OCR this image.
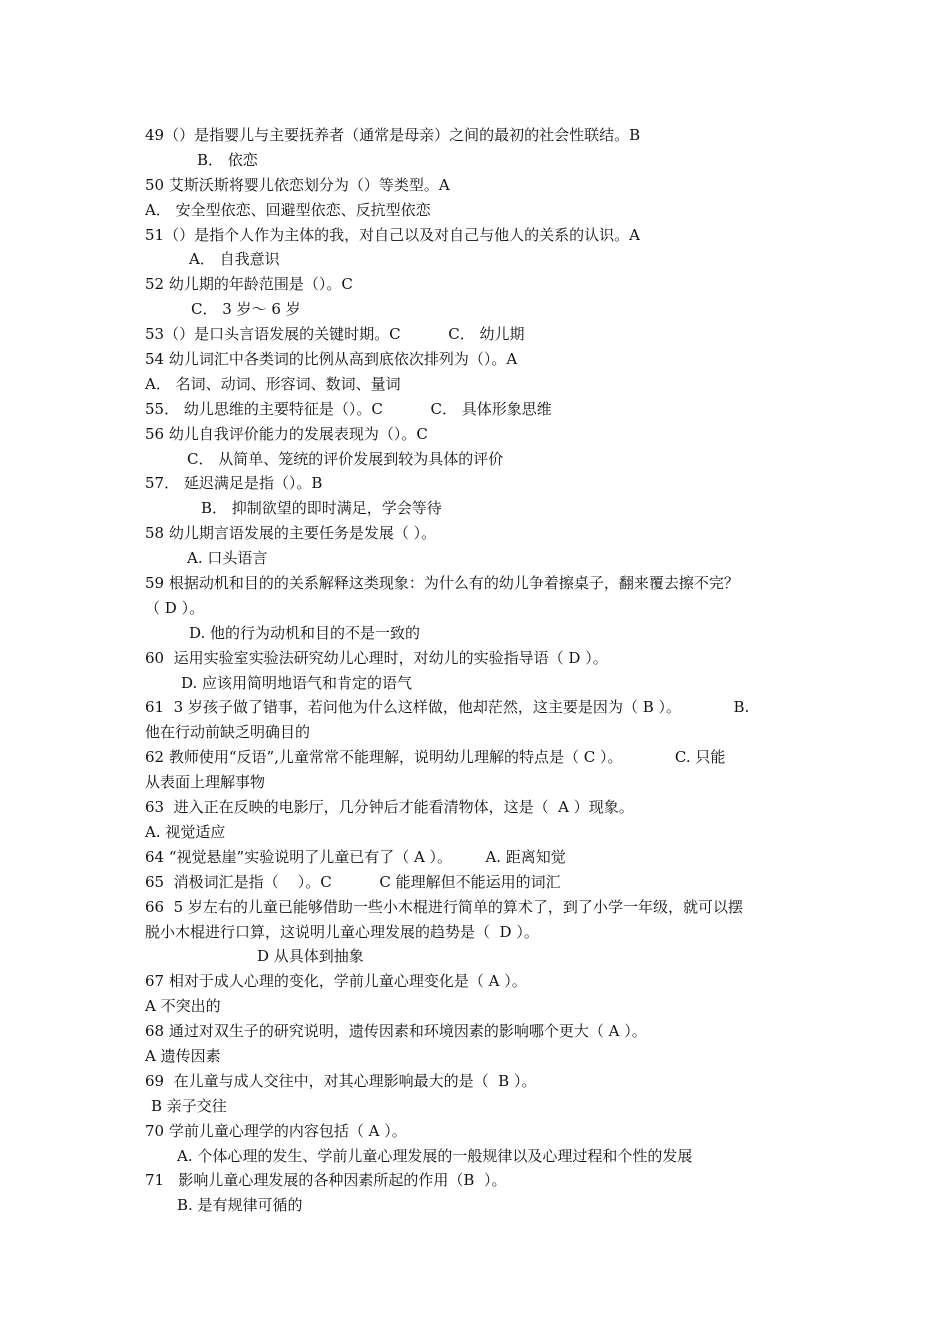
49（）是指婴儿与主要抚养者（通常是母亲）之间的最初的社会性联结。B
B． 依恋
50 艾斯沃斯将婴儿依恋划分为（）等类型。A
A． 安全型依恋、回避型依恋、反抗型依恋
51（）是指个人作为主体的我，对自己以及对自己与他人的关系的认识。A
A． 自我意识
52 幼儿期的年龄范围是（）。C
C． 3 岁～ 6 岁
53（）是口头言语发展的关键时期。C          C． 幼儿期
54 幼儿词汇中各类词的比例从高到底依次排列为（）。A
A． 名词、动词、形容词、数词、量词
55． 幼儿思维的主要特征是（）。C          C． 具体形象思维
56 幼儿自我评价能力的发展表现为（）。C
C． 从简单、笼统的评价发展到较为具体的评价
57． 延迟满足是指（）。B
B． 抑制欲望的即时满足，学会等待
58 幼儿期言语发展的主要任务是发展（ ）。
A. 口头语言
59 根据动机和目的的关系解释这类现象：为什么有的幼儿争着擦桌子，翻来覆去擦不完？
（ D ）。
D. 他的行为动机和目的不是一致的
60  运用实验室实验法研究幼儿心理时，对幼儿的实验指导语（ D ）。
D. 应该用简明地语气和肯定的语气
61  3 岁孩子做了错事，若问他为什么这样做，他却茫然，这主要是因为（ B ）。           B.
他在行动前缺乏明确目的
62 教师使用“反语”,儿童常常不能理解，说明幼儿理解的特点是（ C ）。           C. 只能
从表面上理解事物
63  进入正在反映的电影厅，几分钟后才能看清物体，这是（  A ）现象。
A. 视觉适应
64 “视觉悬崖”实验说明了儿童已有了（ A ）。       A. 距离知觉
65  消极词汇是指（    ）。C          C 能理解但不能运用的词汇
66  5 岁左右的儿童已能够借助一些小木棍进行简单的算术了，到了小学一年级，就可以摆
脱小木棍进行口算，这说明儿童心理发展的趋势是（  D ）。
D 从具体到抽象
67 相对于成人心理的变化，学前儿童心理变化是（ A ）。
A 不突出的
68 通过对双生子的研究说明，遗传因素和环境因素的影响哪个更大（ A ）。
A 遗传因素
69  在儿童与成人交往中，对其心理影响最大的是（  B ）。
B 亲子交往
70 学前儿童心理学的内容包括（ A ）。
A. 个体心理的发生、学前儿童心理发展的一般规律以及心理过程和个性的发展
71   影响儿童心理发展的各种因素所起的作用（B  ）。
B. 是有规律可循的
